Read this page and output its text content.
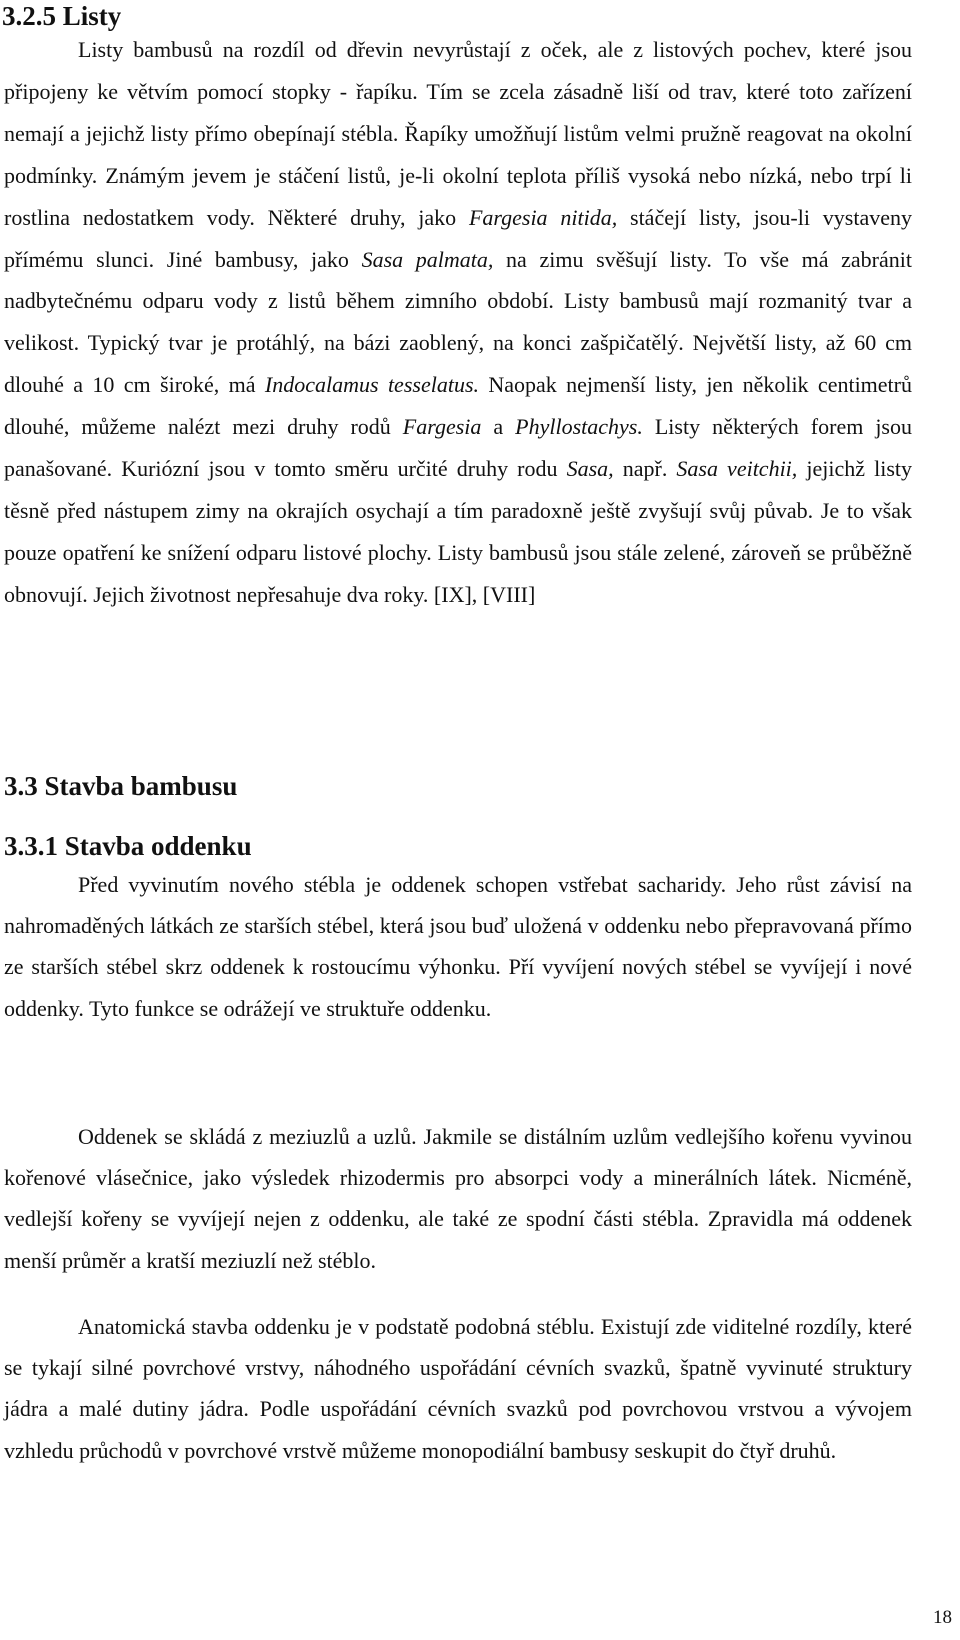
3.2.5 Listy

Listy bambusů na rozdíl od dřevin nevyrůstají z oček, ale z listových pochev, které jsou připojeny ke větvím pomocí stopky - řapíku. Tím se zcela zásadně liší od trav, které toto zařízení nemají a jejichž listy přímo obepínají stébla. Řapíky umožňují listům velmi pružně reagovat na okolní podmínky. Známým jevem je stáčení listů, je-li okolní teplota příliš vysoká nebo nízká, nebo trpí li rostlina nedostatkem vody. Některé druhy, jako Fargesia nitida, stáčejí listy, jsou-li vystaveny přímému slunci. Jiné bambusy, jako Sasa palmata, na zimu svěšují listy. To vše má zabránit nadbytečnému odparu vody z listů během zimního období. Listy bambusů mají rozmanitý tvar a velikost. Typický tvar je protáhlý, na bázi zaoblený, na konci zašpičatělý. Největší listy, až 60 cm dlouhé a 10 cm široké, má Indocalamus tesselatus. Naopak nejmenší listy, jen několik centimetrů dlouhé, můžeme nalézt mezi druhy rodů Fargesia a Phyllostachys. Listy některých forem jsou panašované. Kuriózní jsou v tomto směru určité druhy rodu Sasa, např. Sasa veitchii, jejichž listy těsně před nástupem zimy na okrajích osychají a tím paradoxně ještě zvyšují svůj půvab. Je to však pouze opatření ke snížení odparu listové plochy. Listy bambusů jsou stále zelené, zároveň se průběžně obnovují. Jejich životnost nepřesahuje dva roky. [IX], [VIII]

3.3 Stavba bambusu
3.3.1 Stavba oddenku

Před vyvinutím nového stébla je oddenek schopen vstřebat sacharidy. Jeho růst závisí na nahromaděných látkách ze starších stébel, která jsou buď uložená v oddenku nebo přepravovaná přímo ze starších stébel skrz oddenek k rostoucímu výhonku. Pří vyvíjení nových stébel se vyvíjejí i nové oddenky. Tyto funkce se odrážejí ve struktuře oddenku.

Oddenek se skládá z meziuzlů a uzlů. Jakmile se distálním uzlům vedlejšího kořenu vyvinou kořenové vlásečnice, jako výsledek rhizodermis pro absorpci vody a minerálních látek. Nicméně, vedlejší kořeny se vyvíjejí nejen z oddenku, ale také ze spodní části stébla. Zpravidla má oddenek menší průměr a kratší meziuzlí než stéblo.

Anatomická stavba oddenku je v podstatě podobná stéblu. Existují zde viditelné rozdíly, které se tykají silné povrchové vrstvy, náhodného uspořádání cévních svazků, špatně vyvinuté struktury jádra a malé dutiny jádra. Podle uspořádání cévních svazků pod povrchovou vrstvou a vývojem vzhledu průchodů v povrchové vrstvě můžeme monopodiální bambusy seskupit do čtyř druhů.

18
